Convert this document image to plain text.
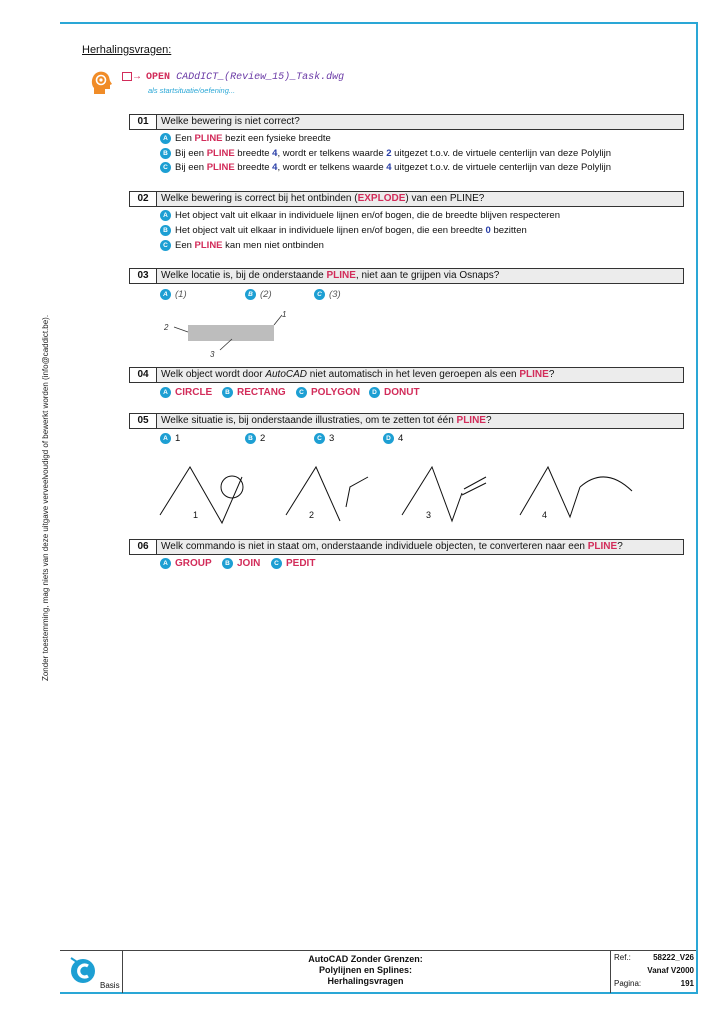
Zonder toestemming, mag niets van deze uitgave verveelvoudigd of bewerkt worden (info@caddict.be).
Herhalingsvragen:
→ OPEN CADdICT_(Review_15)_Task.dwg
als startsituatie/oefening...
01	Welke bewering is niet correct?
A Een PLINE bezit een fysieke breedte
B Bij een PLINE breedte 4, wordt er telkens waarde 2 uitgezet t.o.v. de virtuele centerlijn van deze Polylijn
C Bij een PLINE breedte 4, wordt er telkens waarde 4 uitgezet t.o.v. de virtuele centerlijn van deze Polylijn
02	Welke bewering is correct bij het ontbinden (EXPLODE) van een PLINE?
A Het object valt uit elkaar in individuele lijnen en/of bogen, die de breedte blijven respecteren
B Het object valt uit elkaar in individuele lijnen en/of bogen, die een breedte 0 bezitten
C Een PLINE kan men niet ontbinden
03	Welke locatie is, bij de onderstaande PLINE, niet aan te grijpen via Osnaps?
A (1)	B (2)	C (3)
2
1
3
04	Welk object wordt door AutoCAD niet automatisch in het leven geroepen als een PLINE?
A CIRCLE	B RECTANG	C POLYGON	D DONUT
05	Welke situatie is, bij onderstaande illustraties, om te zetten tot één PLINE?
A 1	B 2	C 3	D 4
1	2	3	4
06	Welk commando is niet in staat om, onderstaande individuele objecten, te converteren naar een PLINE?
A GROUP	B JOIN	C PEDIT
Basis
AutoCAD Zonder Grenzen:
Polylijnen en Splines:
Herhalingsvragen
Ref.:	58222_V26
Vanaf V2000
Pagina:	191
